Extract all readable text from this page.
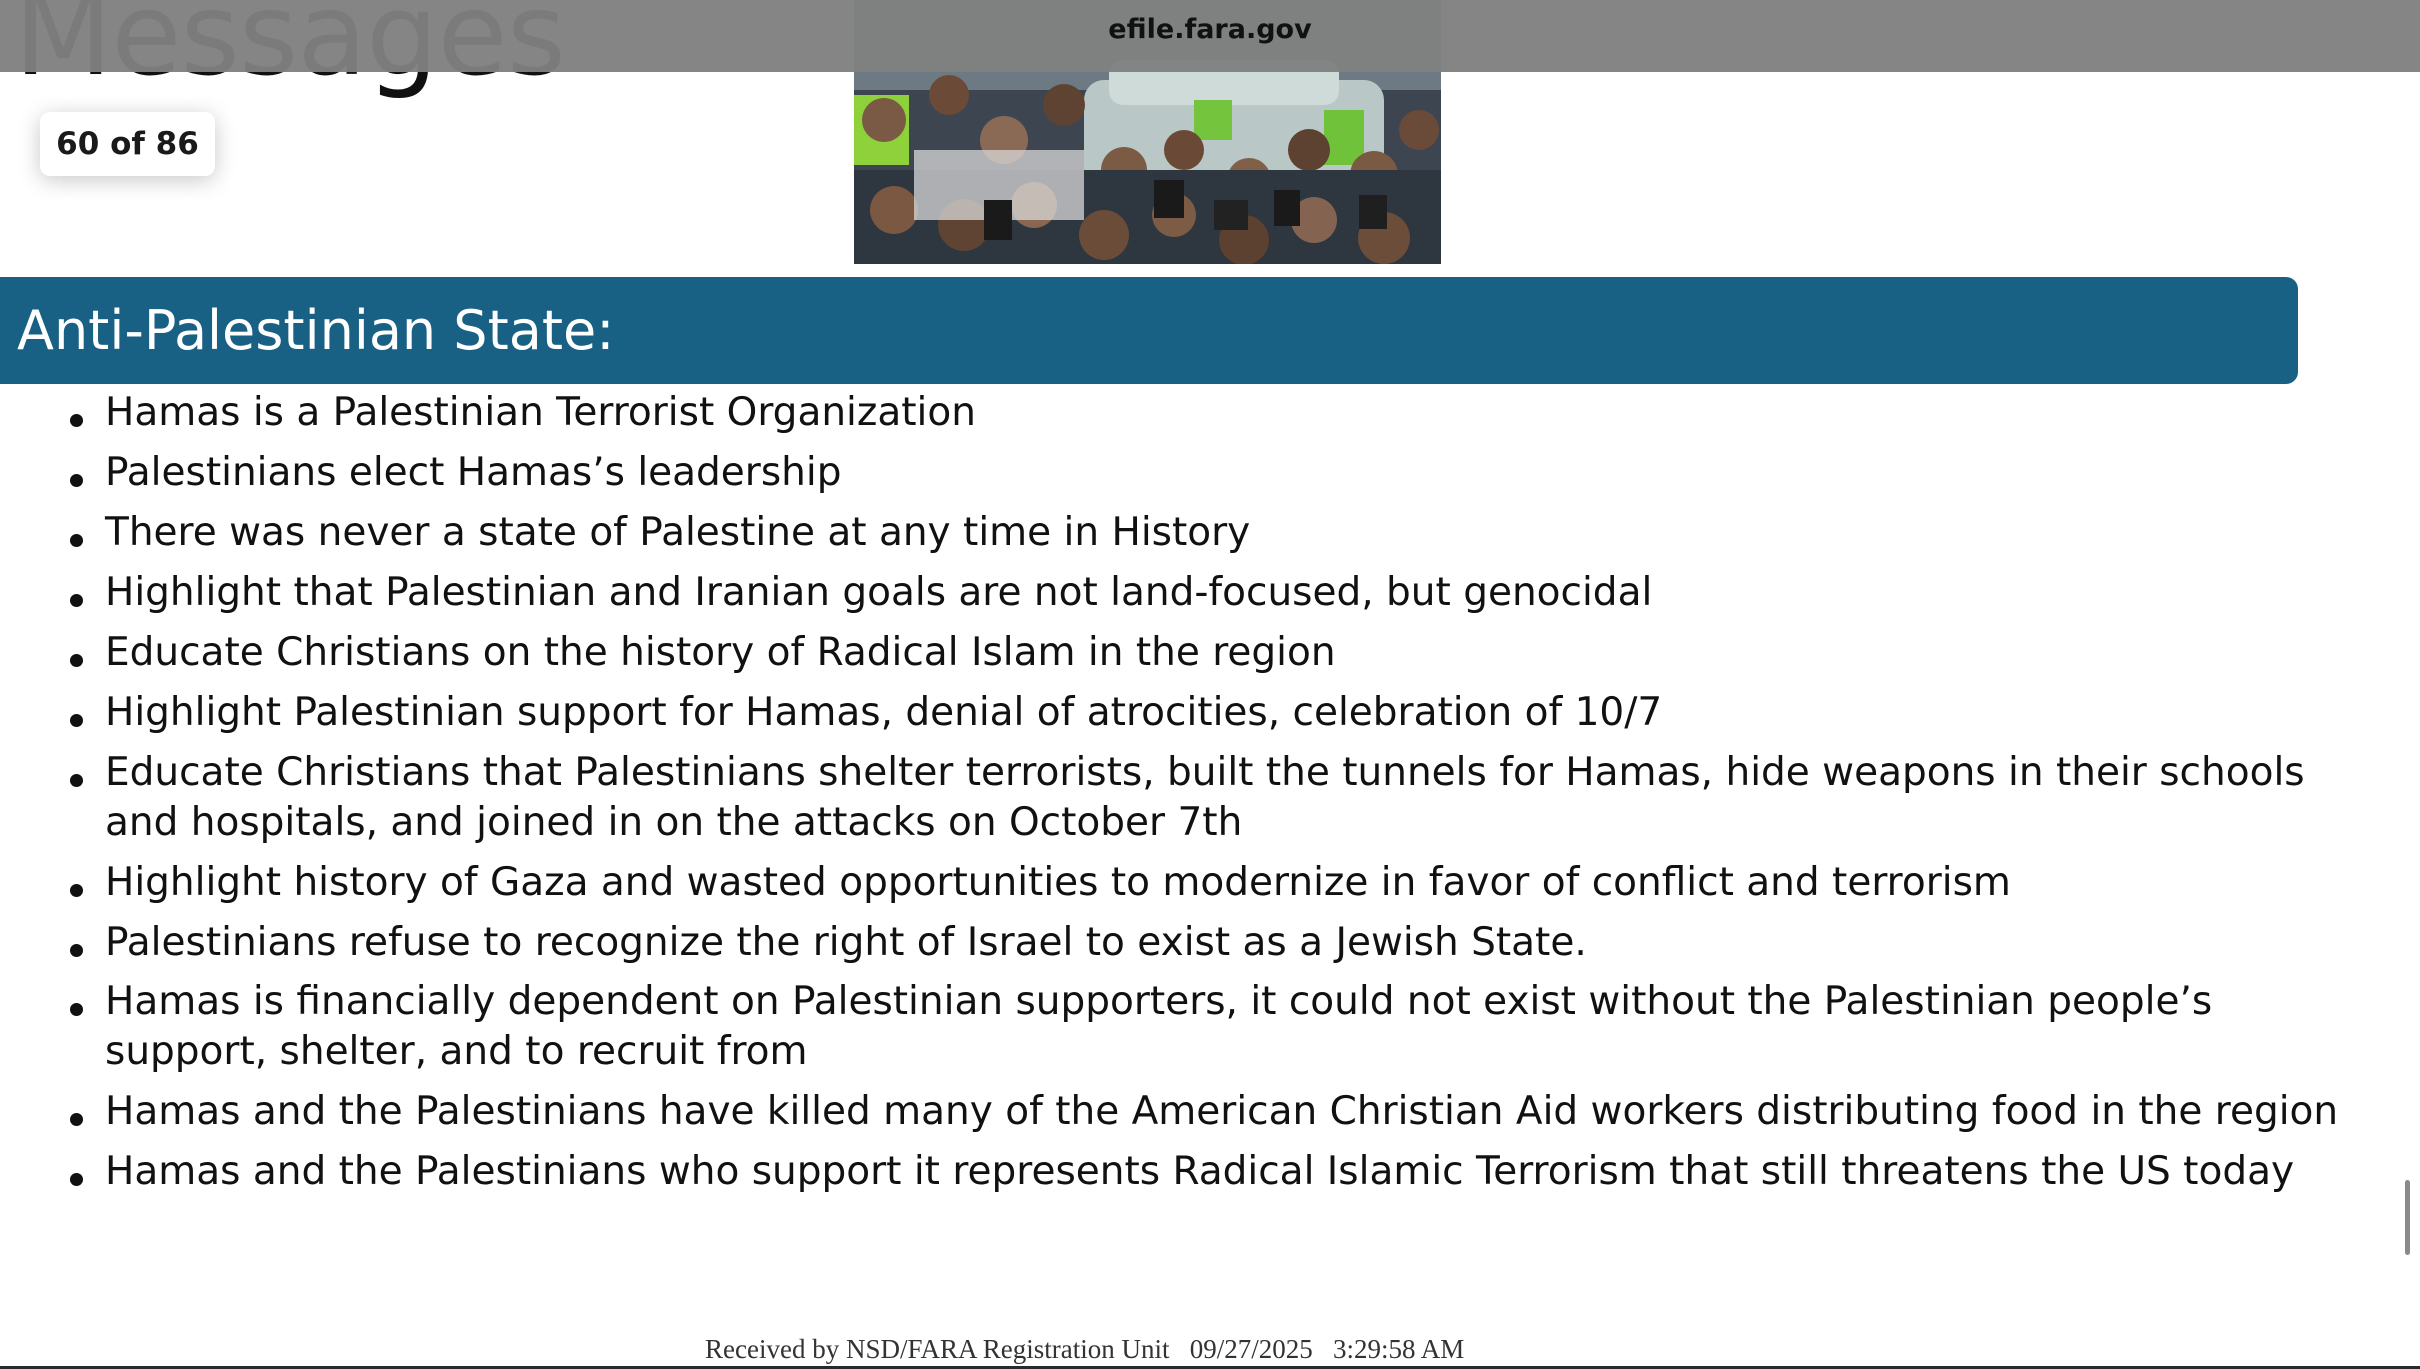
60 of 86
efile.fara.gov
Anti-Palestinian State:
Hamas is a Palestinian Terrorist Organization
Palestinians elect Hamas’s leadership
There was never a state of Palestine at any time in History
Highlight that Palestinian and Iranian goals are not land-focused, but genocidal
Educate Christians on the history of Radical Islam in the region
Highlight Palestinian support for Hamas, denial of atrocities, celebration of 10/7
Educate Christians that Palestinians shelter terrorists, built the tunnels for Hamas, hide weapons in their schools
and hospitals, and joined in on the attacks on October 7th
Highlight history of Gaza and wasted opportunities to modernize in favor of conflict and terrorism
Palestinians refuse to recognize the right of Israel to exist as a Jewish State.
Hamas is financially dependent on Palestinian supporters, it could not exist without the Palestinian people’s
support, shelter, and to recruit from
Hamas and the Palestinians have killed many of the American Christian Aid workers distributing food in the region
Hamas and the Palestinians who support it represents Radical Islamic Terrorism that still threatens the US today
Received by NSD/FARA Registration Unit   09/27/2025   3:29:58 AM
